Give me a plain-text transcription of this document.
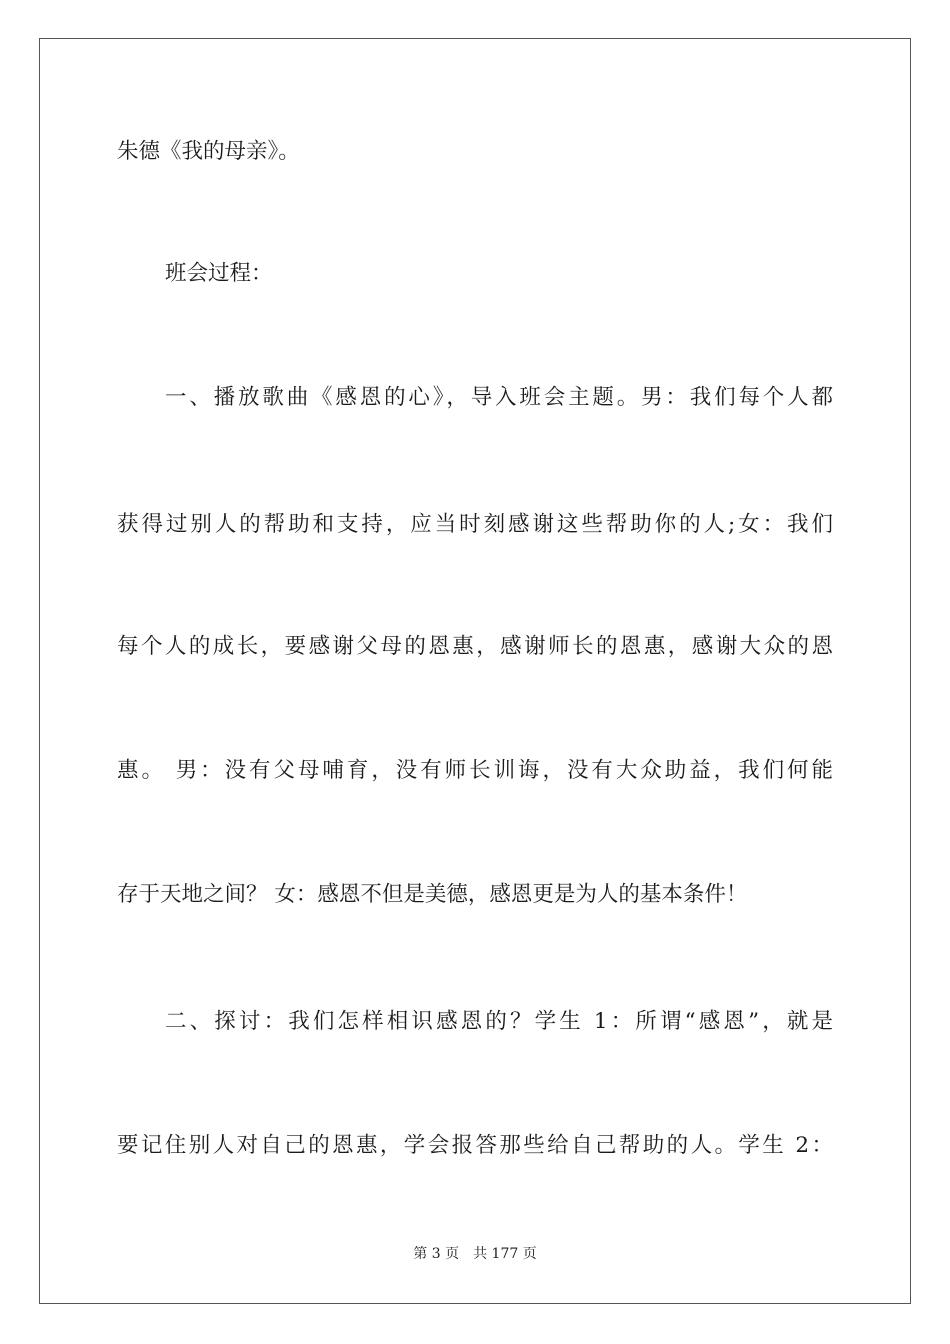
朱德《我的母亲》。
班会过程：
一、播放歌曲《感恩的心》，导入班会主题。男：我们每个人都
获得过别人的帮助和支持，应当时刻感谢这些帮助你的人;女：我们
每个人的成长，要感谢父母的恩惠，感谢师长的恩惠，感谢大众的恩
惠。 男：没有父母哺育，没有师长训诲，没有大众助益，我们何能
存于天地之间？ 女：感恩不但是美德，感恩更是为人的基本条件！
二、探讨：我们怎样相识感恩的？学生 1：所谓“感恩”，就是
要记住别人对自己的恩惠，学会报答那些给自己帮助的人。学生 2：
第 3 页 共 177 页
